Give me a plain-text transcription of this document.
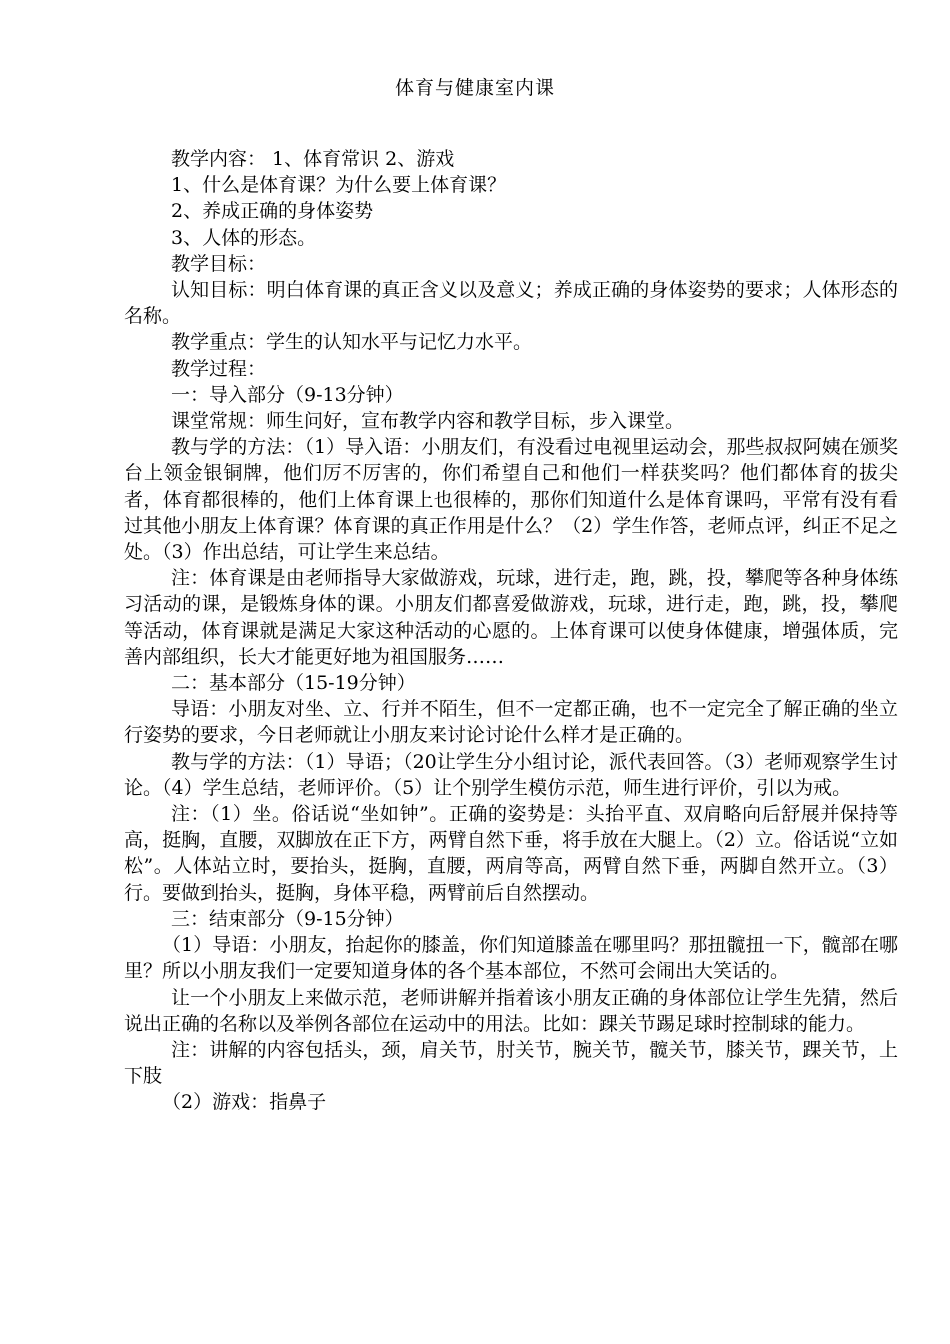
体育与健康室内课

教学内容： 1、体育常识 2、游戏

1、什么是体育课？为什么要上体育课？

2、养成正确的身体姿势

3、人体的形态。

教学目标：

认知目标：明白体育课的真正含义以及意义；养成正确的身体姿势的要求；人体形态的名称。

教学重点：学生的认知水平与记忆力水平。

教学过程：

一：导入部分（9-13分钟）

课堂常规：师生问好，宣布教学内容和教学目标，步入课堂。

教与学的方法：（1）导入语：小朋友们，有没看过电视里运动会，那些叔叔阿姨在颁奖台上领金银铜牌，他们厉不厉害的，你们希望自己和他们一样获奖吗？他们都体育的拔尖者，体育都很棒的，他们上体育课上也很棒的，那你们知道什么是体育课吗，平常有没有看过其他小朋友上体育课？体育课的真正作用是什么？（2）学生作答，老师点评，纠正不足之处。（3）作出总结，可让学生来总结。

注：体育课是由老师指导大家做游戏，玩球，进行走，跑，跳，投，攀爬等各种身体练习活动的课，是锻炼身体的课。小朋友们都喜爱做游戏，玩球，进行走，跑，跳，投，攀爬等活动，体育课就是满足大家这种活动的心愿的。上体育课可以使身体健康，增强体质，完善内部组织，长大才能更好地为祖国服务……

二：基本部分（15-19分钟）

导语：小朋友对坐、立、行并不陌生，但不一定都正确，也不一定完全了解正确的坐立行姿势的要求，今日老师就让小朋友来讨论讨论什么样才是正确的。

教与学的方法：（1）导语；（20让学生分小组讨论，派代表回答。（3）老师观察学生讨论。（4）学生总结，老师评价。（5）让个别学生模仿示范，师生进行评价，引以为戒。

注：（1）坐。俗话说“坐如钟”。正确的姿势是：头抬平直、双肩略向后舒展并保持等高，挺胸，直腰，双脚放在正下方，两臂自然下垂，将手放在大腿上。（2）立。俗话说“立如松”。人体站立时，要抬头，挺胸，直腰，两肩等高，两臂自然下垂，两脚自然开立。（3）行。要做到抬头，挺胸，身体平稳，两臂前后自然摆动。

三：结束部分（9-15分钟）

（1）导语：小朋友，抬起你的膝盖，你们知道膝盖在哪里吗？那扭髋扭一下，髋部在哪里？所以小朋友我们一定要知道身体的各个基本部位，不然可会闹出大笑话的。

让一个小朋友上来做示范，老师讲解并指着该小朋友正确的身体部位让学生先猜，然后说出正确的名称以及举例各部位在运动中的用法。比如：踝关节踢足球时控制球的能力。

注：讲解的内容包括头，颈，肩关节，肘关节，腕关节，髋关节，膝关节，踝关节，上下肢

（2）游戏：指鼻子
